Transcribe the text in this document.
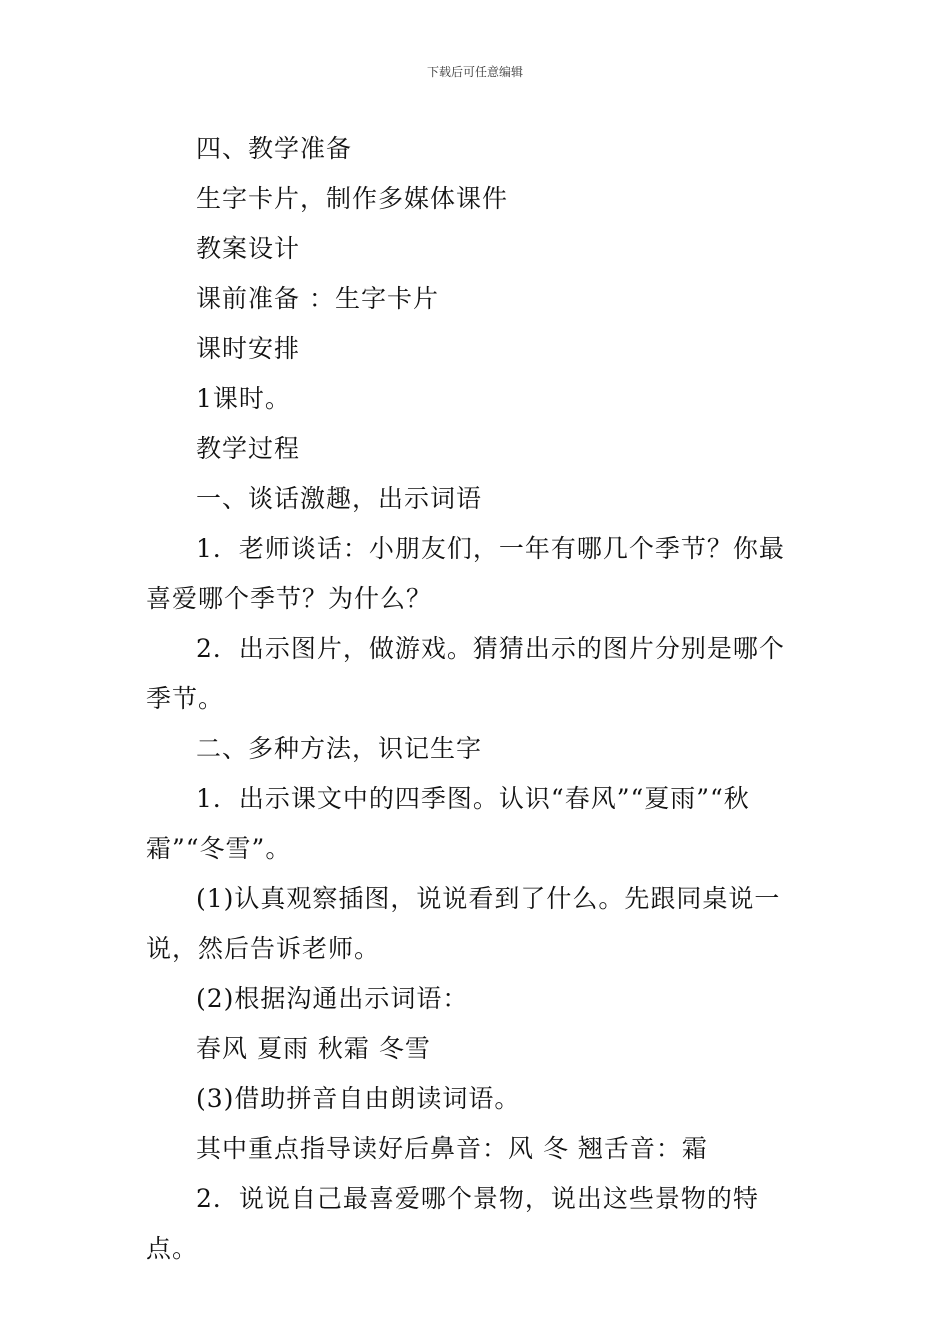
下载后可任意编辑

四、教学准备

生字卡片，制作多媒体课件

教案设计

课前准备 ：生字卡片

课时安排

1课时。

教学过程

一、谈话激趣，出示词语

1．老师谈话：小朋友们，一年有哪几个季节？你最喜爱哪个季节？为什么？

2．出示图片，做游戏。猜猜出示的图片分别是哪个季节。

二、多种方法，识记生字

1．出示课文中的四季图。认识“春风”“夏雨”“秋霜”“冬雪”。

(1)认真观察插图，说说看到了什么。先跟同桌说一说，然后告诉老师。

(2)根据沟通出示词语：

春风 夏雨 秋霜 冬雪

(3)借助拼音自由朗读词语。

其中重点指导读好后鼻音：风 冬 翘舌音：霜

2．说说自己最喜爱哪个景物，说出这些景物的特点。
